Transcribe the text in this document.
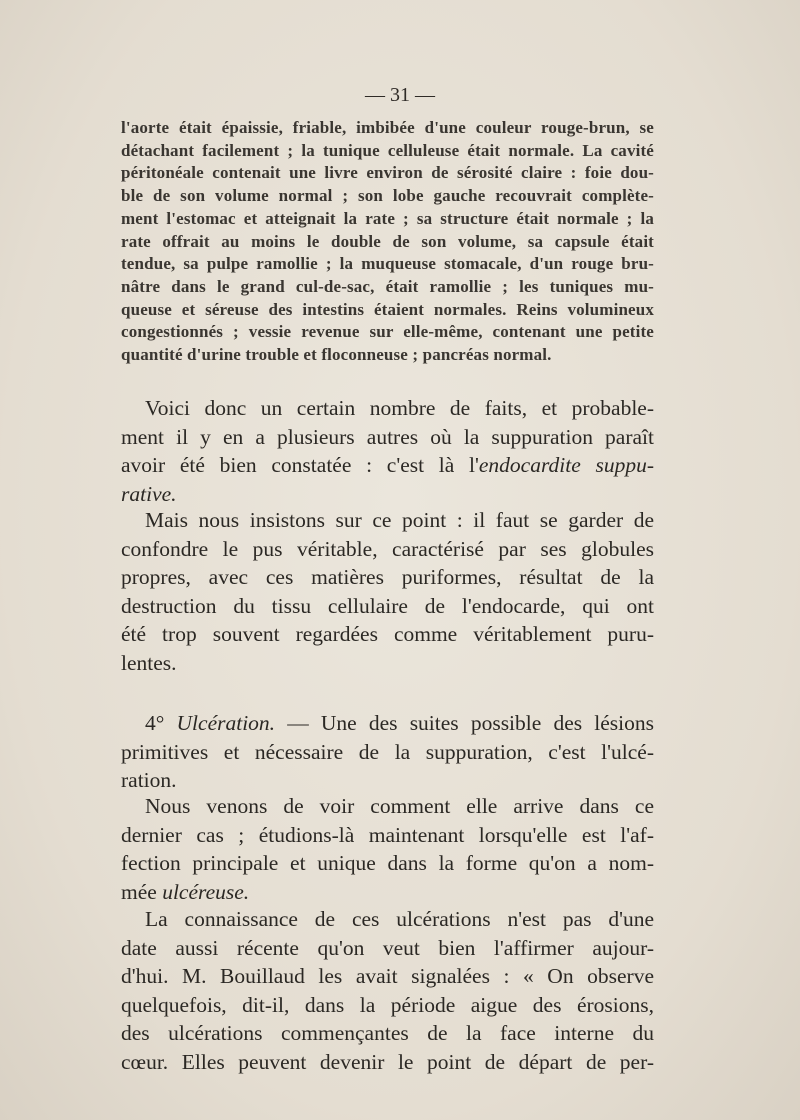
— 31 —
l'aorte était épaissie, friable, imbibée d'une couleur rouge-brun, se
détachant facilement ; la tunique celluleuse était normale. La cavité
péritonéale contenait une livre environ de sérosité claire : foie dou-
ble de son volume normal ; son lobe gauche recouvrait complète-
ment l'estomac et atteignait la rate ; sa structure était normale ; la
rate offrait au moins le double de son volume, sa capsule était
tendue, sa pulpe ramollie ; la muqueuse stomacale, d'un rouge bru-
nâtre dans le grand cul-de-sac, était ramollie ; les tuniques mu-
queuse et séreuse des intestins étaient normales. Reins volumineux
congestionnés ; vessie revenue sur elle-même, contenant une petite
quantité d'urine trouble et floconneuse ; pancréas normal.
Voici donc un certain nombre de faits, et probable-
ment il y en a plusieurs autres où la suppuration paraît
avoir été bien constatée : c'est là l'endocardite suppu-
rative.
Mais nous insistons sur ce point : il faut se garder de
confondre le pus véritable, caractérisé par ses globules
propres, avec ces matières puriformes, résultat de la
destruction du tissu cellulaire de l'endocarde, qui ont
été trop souvent regardées comme véritablement puru-
lentes.
4° Ulcération. — Une des suites possible des lésions
primitives et nécessaire de la suppuration, c'est l'ulcé-
ration.
Nous venons de voir comment elle arrive dans ce
dernier cas ; étudions-là maintenant lorsqu'elle est l'af-
fection principale et unique dans la forme qu'on a nom-
mée ulcéreuse.
La connaissance de ces ulcérations n'est pas d'une
date aussi récente qu'on veut bien l'affirmer aujour-
d'hui. M. Bouillaud les avait signalées : « On observe
quelquefois, dit-il, dans la période aigue des érosions,
des ulcérations commençantes de la face interne du
cœur. Elles peuvent devenir le point de départ de per-
